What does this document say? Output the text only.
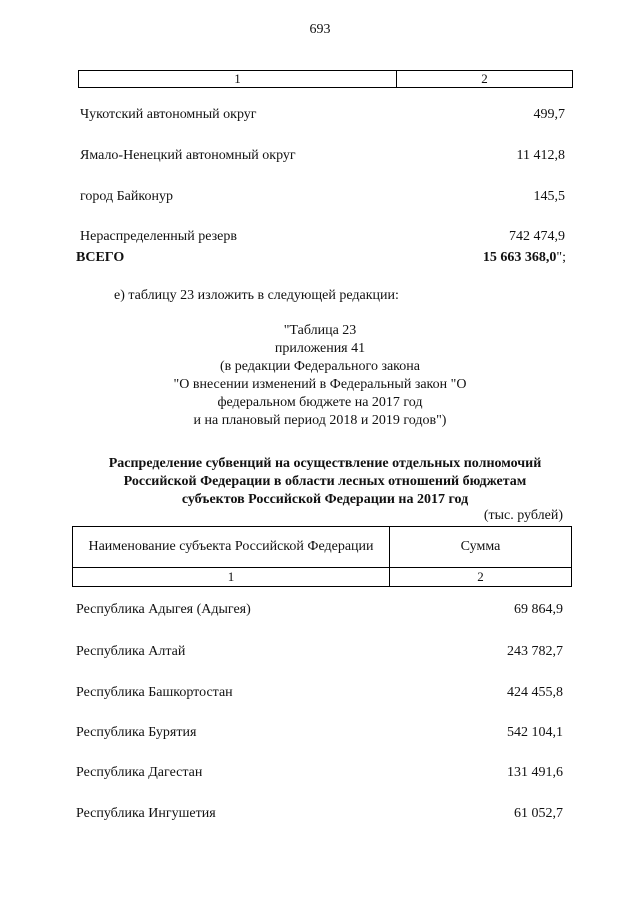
693
1	2
Чукотский автономный округ	499,7
Ямало-Ненецкий автономный округ	11 412,8
город Байконур	145,5
Нераспределенный резерв	742 474,9
ВСЕГО	15 663 368,0";
е) таблицу 23 изложить в следующей редакции:
"Таблица 23
приложения 41
(в редакции Федерального закона
"О внесении изменений в Федеральный закон "О
федеральном бюджете на 2017 год
и на плановый период 2018 и 2019 годов")
Распределение субвенций на осуществление отдельных полномочий
Российской Федерации в области лесных отношений бюджетам
субъектов Российской Федерации на 2017 год
(тыс. рублей)
Наименование субъекта Российской Федерации	Сумма
1	2
Республика Адыгея (Адыгея)	69 864,9
Республика Алтай	243 782,7
Республика Башкортостан	424 455,8
Республика Бурятия	542 104,1
Республика Дагестан	131 491,6
Республика Ингушетия	61 052,7
